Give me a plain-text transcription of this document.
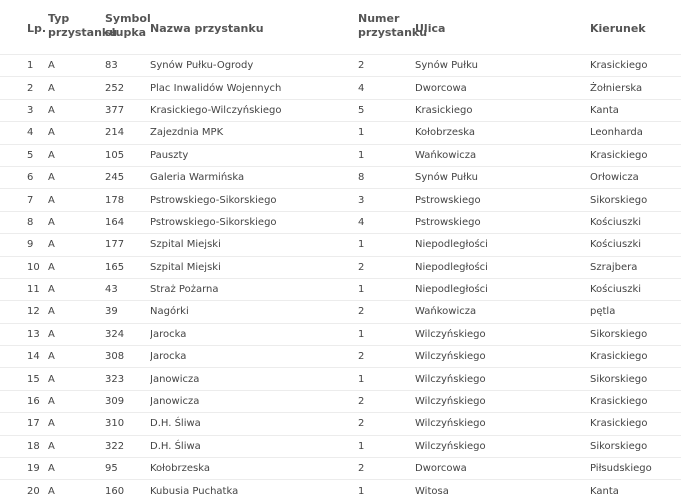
Lp.	Typ przystanku	Symbol słupka	Nazwa przystanku	Numer przystanku	Ulica	Kierunek
1	A	83	Synów Pułku-Ogrody	2	Synów Pułku	Krasickiego
2	A	252	Plac Inwalidów Wojennych	4	Dworcowa	Żołnierska
3	A	377	Krasickiego-Wilczyńskiego	5	Krasickiego	Kanta
4	A	214	Zajezdnia MPK	1	Kołobrzeska	Leonharda
5	A	105	Pauszty	1	Wańkowicza	Krasickiego
6	A	245	Galeria Warmińska	8	Synów Pułku	Orłowicza
7	A	178	Pstrowskiego-Sikorskiego	3	Pstrowskiego	Sikorskiego
8	A	164	Pstrowskiego-Sikorskiego	4	Pstrowskiego	Kościuszki
9	A	177	Szpital Miejski	1	Niepodległości	Kościuszki
10	A	165	Szpital Miejski	2	Niepodległości	Szrajbera
11	A	43	Straż Pożarna	1	Niepodległości	Kościuszki
12	A	39	Nagórki	2	Wańkowicza	pętla
13	A	324	Jarocka	1	Wilczyńskiego	Sikorskiego
14	A	308	Jarocka	2	Wilczyńskiego	Krasickiego
15	A	323	Janowicza	1	Wilczyńskiego	Sikorskiego
16	A	309	Janowicza	2	Wilczyńskiego	Krasickiego
17	A	310	D.H. Śliwa	2	Wilczyńskiego	Krasickiego
18	A	322	D.H. Śliwa	1	Wilczyńskiego	Sikorskiego
19	A	95	Kołobrzeska	2	Dworcowa	Piłsudskiego
20	A	160	Kubusia Puchatka	1	Witosa	Kanta
